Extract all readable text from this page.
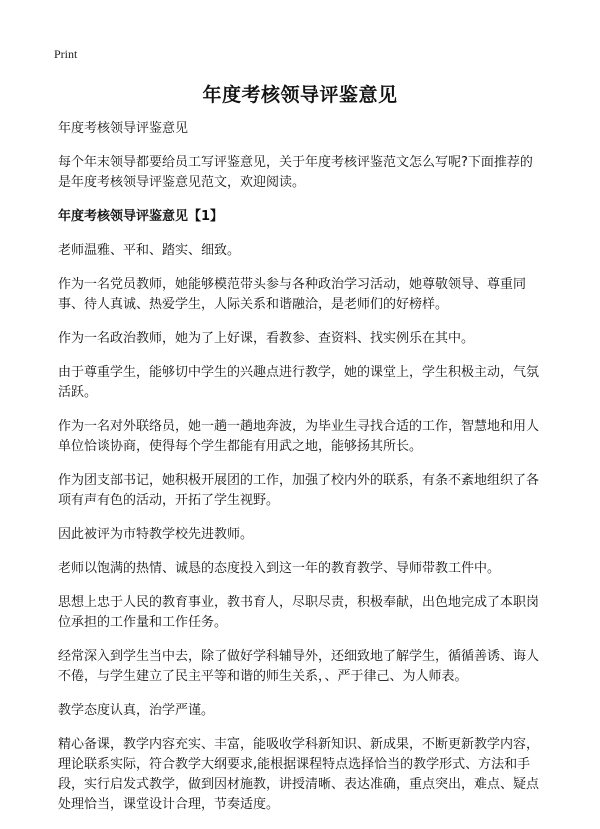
Print
年度考核领导评鉴意见

年度考核领导评鉴意见

每个年末领导都要给员工写评鉴意见，关于年度考核评鉴范文怎么写呢?下面推荐的是年度考核领导评鉴意见范文，欢迎阅读。

年度考核领导评鉴意见【1】

老师温雅、平和、踏实、细致。

作为一名党员教师，她能够模范带头参与各种政治学习活动，她尊敬领导、尊重同事、待人真诚、热爱学生，人际关系和谐融洽，是老师们的好榜样。

作为一名政治教师，她为了上好课，看教参、查资料、找实例乐在其中。

由于尊重学生，能够切中学生的兴趣点进行教学，她的课堂上，学生积极主动，气氛活跃。

作为一名对外联络员，她一趟一趟地奔波，为毕业生寻找合适的工作，智慧地和用人单位恰谈协商，使得每个学生都能有用武之地，能够扬其所长。

作为团支部书记，她积极开展团的工作，加强了校内外的联系，有条不紊地组织了各项有声有色的活动，开拓了学生视野。

因此被评为市特教学校先进教师。

老师以饱满的热情、诚恳的态度投入到这一年的教育教学、导师带教工件中。

思想上忠于人民的教育事业，教书育人，尽职尽责，积极奉献，出色地完成了本职岗位承担的工作量和工作任务。

经常深入到学生当中去，除了做好学科辅导外，还细致地了解学生，循循善诱、诲人不倦，与学生建立了民主平等和谐的师生关系，、严于律己、为人师表。

教学态度认真，治学严谨。

精心备课，教学内容充实、丰富，能吸收学科新知识、新成果，不断更新教学内容，理论联系实际，符合教学大纲要求,能根据课程特点选择恰当的教学形式、方法和手段，实行启发式教学，做到因材施教，讲授清晰、表达准确，重点突出，难点、疑点处理恰当，课堂设计合理，节奏适度。
